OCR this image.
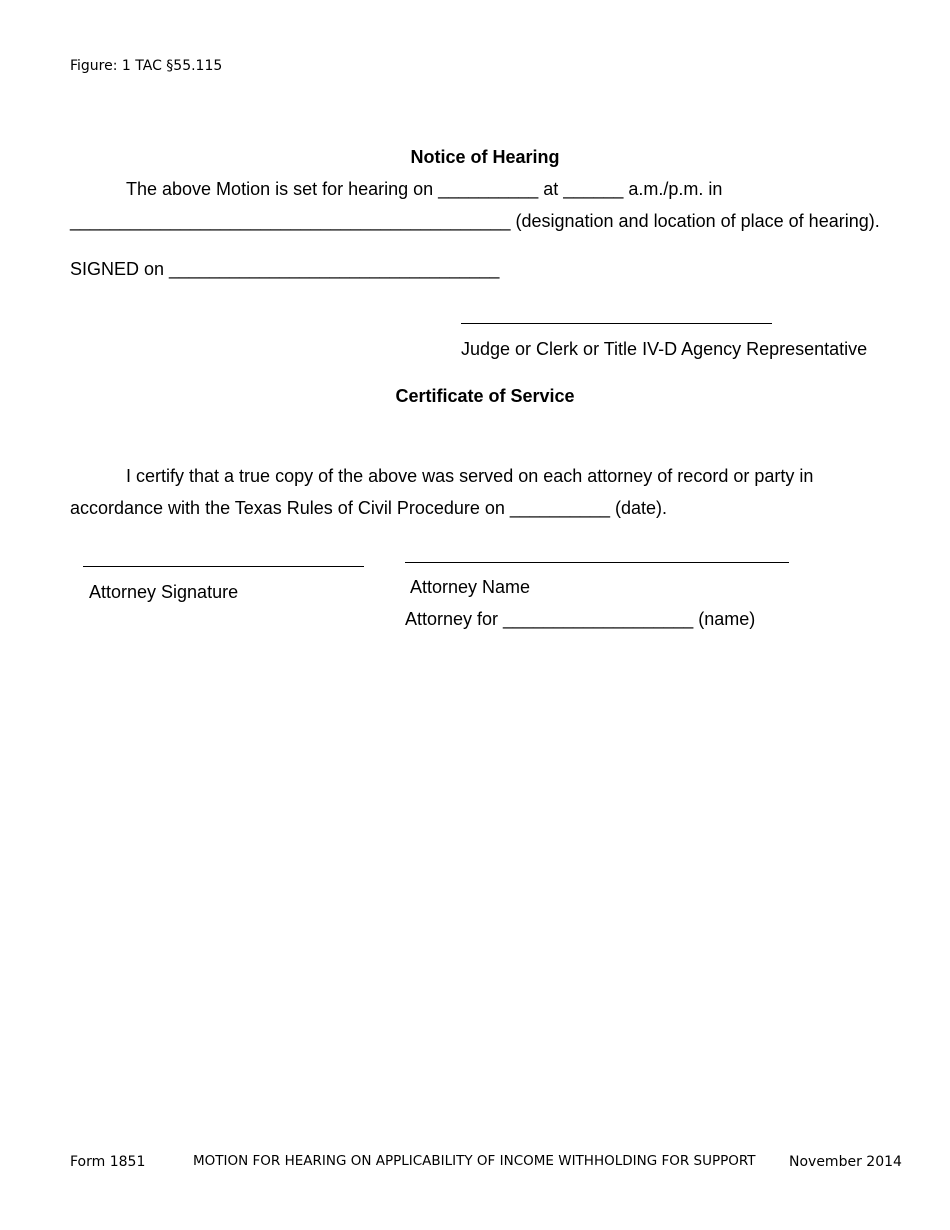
Figure: 1 TAC §55.115
Notice of Hearing
The above Motion is set for hearing on __________ at ______ a.m./p.m. in
____________________________________________ (designation and location of place of hearing).
SIGNED on _________________________________
Judge or Clerk or Title IV-D Agency Representative
Certificate of Service
I certify that a true copy of the above was served on each attorney of record or party in
accordance with the Texas Rules of Civil Procedure on __________ (date).
Attorney Name
Attorney Signature
Attorney for ___________________ (name)
Form 1851	MOTION FOR HEARING ON APPLICABILITY OF INCOME WITHHOLDING FOR SUPPORT November 2014
